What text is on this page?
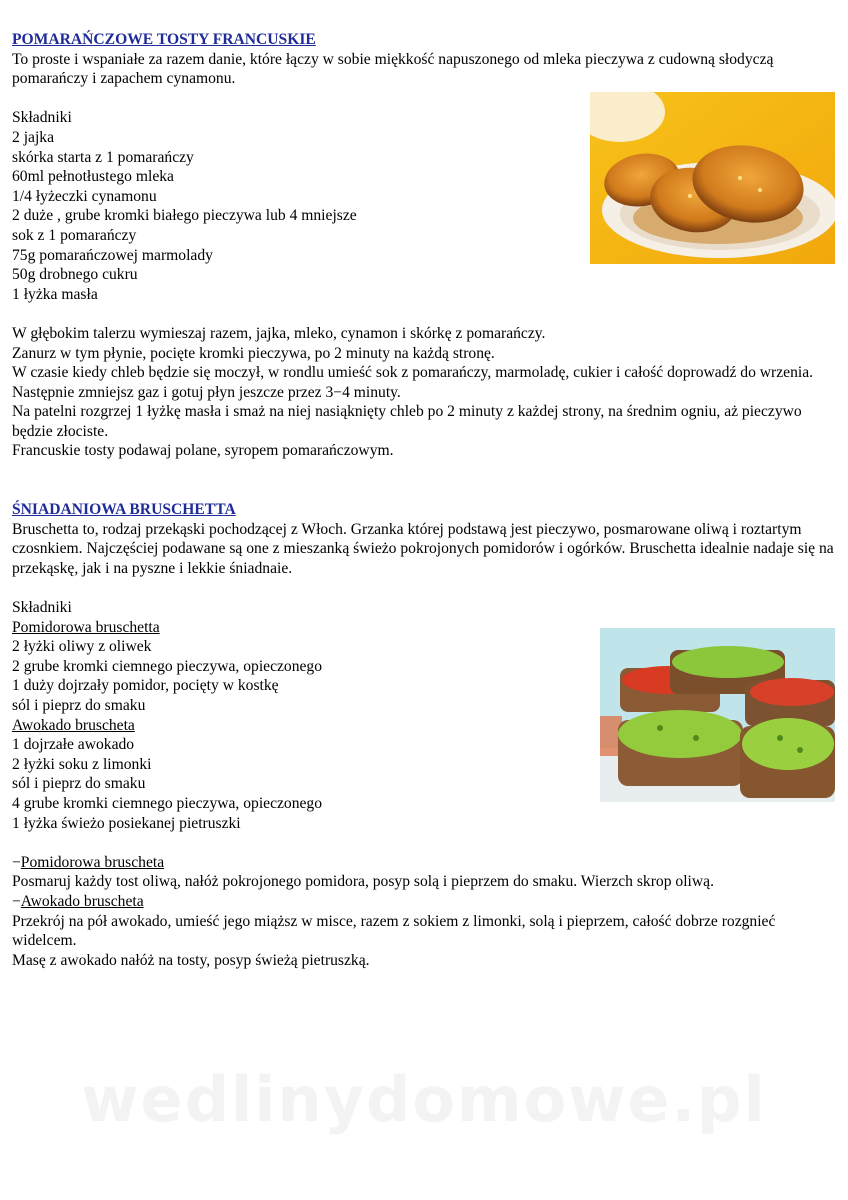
POMARAŃCZOWE TOSTY FRANCUSKIE

To proste i wspaniałe za razem danie, które łączy w sobie miękkość napuszonego od mleka pieczywa z cudowną słodyczą pomarańczy i zapachem cynamonu.

Składniki
2 jajka
skórka starta z 1 pomarańczy
60ml pełnotłustego mleka
1/4 łyżeczki cynamonu
2 duże , grube kromki białego pieczywa lub 4 mniejsze
sok z 1 pomarańczy
75g pomarańczowej marmolady
50g drobnego cukru
1 łyżka masła

W głębokim talerzu wymieszaj razem, jajka, mleko, cynamon i skórkę z pomarańczy.

Zanurz w tym płynie, pocięte kromki pieczywa, po 2 minuty na każdą stronę.

W czasie kiedy chleb będzie się moczył, w rondlu umieść sok z pomarańczy, marmoladę, cukier i całość doprowadź do wrzenia. Następnie zmniejsz gaz i gotuj płyn jeszcze przez 3−4 minuty.

Na patelni rozgrzej 1 łyżkę masła i smaż na niej nasiąknięty chleb po 2 minuty z każdej strony, na średnim ogniu, aż pieczywo będzie złociste.

Francuskie tosty podawaj polane, syropem pomarańczowym.

ŚNIADANIOWA BRUSCHETTA

Bruschetta to, rodzaj przekąski pochodzącej z Włoch. Grzanka której podstawą jest pieczywo, posmarowane oliwą i roztartym czosnkiem. Najczęściej podawane są one z mieszanką świeżo pokrojonych pomidorów i ogórków. Bruschetta idealnie nadaje się na przekąskę, jak i na pyszne i lekkie śniadnaie.

Składniki
Pomidorowa bruschetta
2 łyżki oliwy z oliwek
2 grube kromki ciemnego pieczywa, opieczonego
1 duży dojrzały pomidor, pocięty w kostkę
sól i pieprz do smaku
Awokado bruscheta
1 dojrzałe awokado
2 łyżki soku z limonki
sól i pieprz do smaku
4 grube kromki ciemnego pieczywa, opieczonego
1 łyżka świeżo posiekanej pietruszki
−Pomidorowa bruscheta

Posmaruj każdy tost oliwą, nałóż pokrojonego pomidora, posyp solą i pieprzem do smaku. Wierzch skrop oliwą.

−Awokado bruscheta

Przekrój na pół awokado, umieść jego miąższ w misce, razem z sokiem z limonki, solą i pieprzem, całość dobrze rozgnieć widelcem.

Masę z awokado nałóż na tosty, posyp świeżą pietruszką.

wedlinydomowe.pl
